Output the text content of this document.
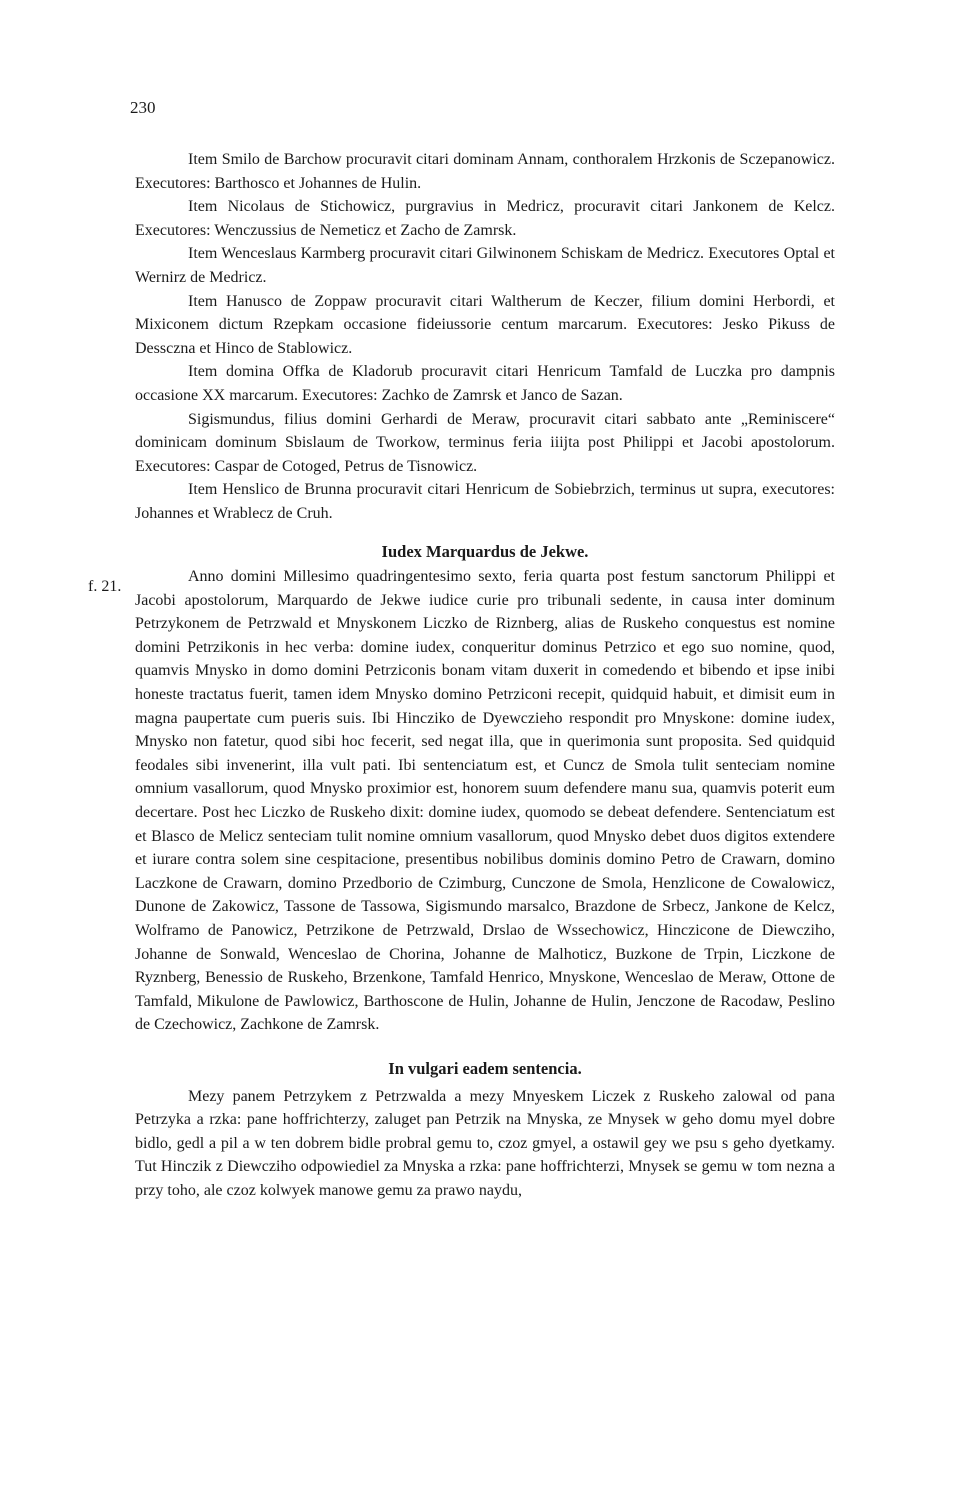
230
f. 21.

Item Smilo de Barchow procuravit citari dominam Annam, conthoralem Hrzkonis de Sczepanowicz. Executores: Barthosco et Johannes de Hulin.

Item Nicolaus de Stichowicz, purgravius in Medricz, procuravit citari Jankonem de Kelcz. Executores: Wenczussius de Nemeticz et Zacho de Zamrsk.

Item Wenceslaus Karmberg procuravit citari Gilwinonem Schiskam de Medricz. Executores Optal et Wernirz de Medricz.

Item Hanusco de Zoppaw procuravit citari Waltherum de Keczer, filium domini Herbordi, et Mixiconem dictum Rzepkam occasione fideiussorie centum marcarum. Executores: Jesko Pikuss de Dessczna et Hinco de Stablowicz.

Item domina Offka de Kladorub procuravit citari Henricum Tamfald de Luczka pro dampnis occasione XX marcarum. Executores: Zachko de Zamrsk et Janco de Sazan.

Sigismundus, filius domini Gerhardi de Meraw, procuravit citari sabbato ante „Reminiscere“ dominicam dominum Sbislaum de Tworkow, terminus feria iiijta post Philippi et Jacobi apostolorum. Executores: Caspar de Cotoged, Petrus de Tisnowicz.

Item Henslico de Brunna procuravit citari Henricum de Sobiebrzich, terminus ut supra, executores: Johannes et Wrablecz de Cruh.

Iudex Marquardus de Jekwe.

Anno domini Millesimo quadringentesimo sexto, feria quarta post festum sanctorum Philippi et Jacobi apostolorum, Marquardo de Jekwe iudice curie pro tribunali sedente, in causa inter dominum Petrzykonem de Petrzwald et Mnyskonem Liczko de Riznberg, alias de Ruskeho conquestus est nomine domini Petrzikonis in hec verba: domine iudex, conqueritur dominus Petrzico et ego suo nomine, quod, quamvis Mnysko in domo domini Petrziconis bonam vitam duxerit in comedendo et bibendo et ipse inibi honeste tractatus fuerit, tamen idem Mnysko domino Petrziconi recepit, quidquid habuit, et dimisit eum in magna paupertate cum pueris suis. Ibi Hincziko de Dyewczieho respondit pro Mnyskone: domine iudex, Mnysko non fatetur, quod sibi hoc fecerit, sed negat illa, que in querimonia sunt proposita. Sed quidquid feodales sibi invenerint, illa vult pati. Ibi sentenciatum est, et Cuncz de Smola tulit senteciam nomine omnium vasallorum, quod Mnysko proximior est, honorem suum defendere manu sua, quamvis poterit eum decertare. Post hec Liczko de Ruskeho dixit: domine iudex, quomodo se debeat defendere. Sentenciatum est et Blasco de Melicz senteciam tulit nomine omnium vasallorum, quod Mnysko debet duos digitos extendere et iurare contra solem sine cespitacione, presentibus nobilibus dominis domino Petro de Crawarn, domino Laczkone de Crawarn, domino Przedborio de Czimburg, Cunczone de Smola, Henzlicone de Cowalowicz, Dunone de Zakowicz, Tassone de Tassowa, Sigismundo marsalco, Brazdone de Srbecz, Jankone de Kelcz, Wolframo de Panowicz, Petrzikone de Petrzwald, Drslao de Wssechowicz, Hinczicone de Diewcziho, Johanne de Sonwald, Wenceslao de Chorina, Johanne de Malhoticz, Buzkone de Trpin, Liczkone de Ryznberg, Benessio de Ruskeho, Brzenkone, Tamfald Henrico, Mnyskone, Wenceslao de Meraw, Ottone de Tamfald, Mikulone de Pawlowicz, Barthoscone de Hulin, Johanne de Hulin, Jenczone de Racodaw, Peslino de Czechowicz, Zachkone de Zamrsk.

In vulgari eadem sentencia.

Mezy panem Petrzykem z Petrzwalda a mezy Mnyeskem Liczek z Ruskeho zalowal od pana Petrzyka a rzka: pane hoffrichterzy, zaluget pan Petrzik na Mnyska, ze Mnysek w geho domu myel dobre bidlo, gedl a pil a w ten dobrem bidle probral gemu to, czoz gmyel, a ostawil gey we psu s geho dyetkamy. Tut Hinczik z Diewcziho odpowiediel za Mnyska a rzka: pane hoffrichterzi, Mnysek se gemu w tom nezna a przy toho, ale czoz kolwyek manowe gemu za prawo naydu,
